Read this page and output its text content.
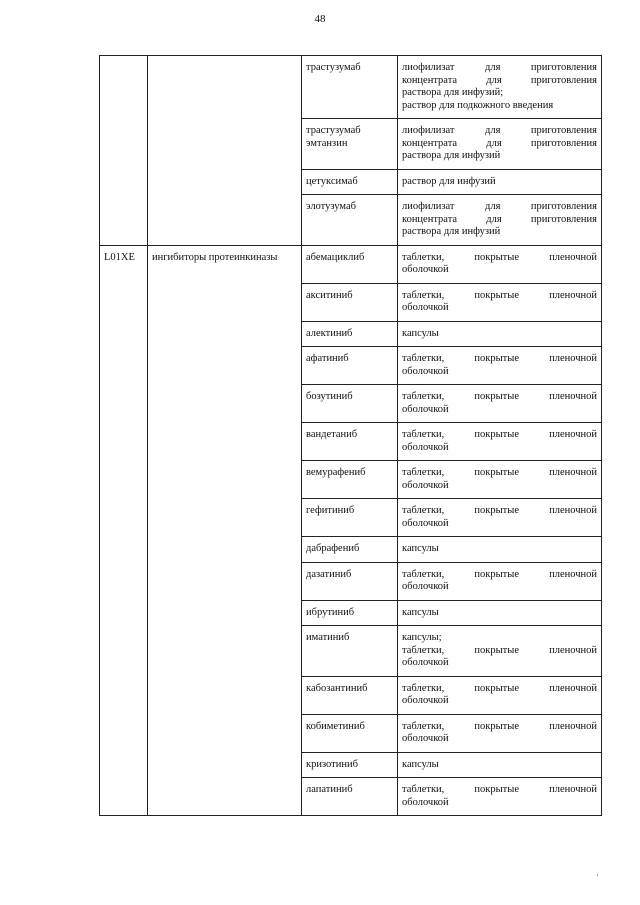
48

		трастузумаб	лиофилизат для приготовления
концентрата для приготовления
раствора для инфузий;
раствор для подкожного введения

		трастузумаб
эмтанзин	лиофилизат для приготовления
концентрата для приготовления
раствора для инфузий

		цетуксимаб	раствор для инфузий

		элотузумаб	лиофилизат для приготовления
концентрата для приготовления
раствора для инфузий

L01XE	ингибиторы протеинкиназы	абемациклиб	таблетки, покрытые пленочной
оболочкой

		акситиниб	таблетки, покрытые пленочной
оболочкой

		алектиниб	капсулы

		афатиниб	таблетки, покрытые пленочной
оболочкой

		бозутиниб	таблетки, покрытые пленочной
оболочкой

		вандетаниб	таблетки, покрытые пленочной
оболочкой

		вемурафениб	таблетки, покрытые пленочной
оболочкой

		гефитиниб	таблетки, покрытые пленочной
оболочкой

		дабрафениб	капсулы

		дазатиниб	таблетки, покрытые пленочной
оболочкой

		ибрутиниб	капсулы

		иматиниб	капсулы;
таблетки, покрытые пленочной
оболочкой

		кабозантиниб	таблетки, покрытые пленочной
оболочкой

		кобиметиниб	таблетки, покрытые пленочной
оболочкой

		кризотиниб	капсулы

		лапатиниб	таблетки, покрытые пленочной
оболочкой
·
